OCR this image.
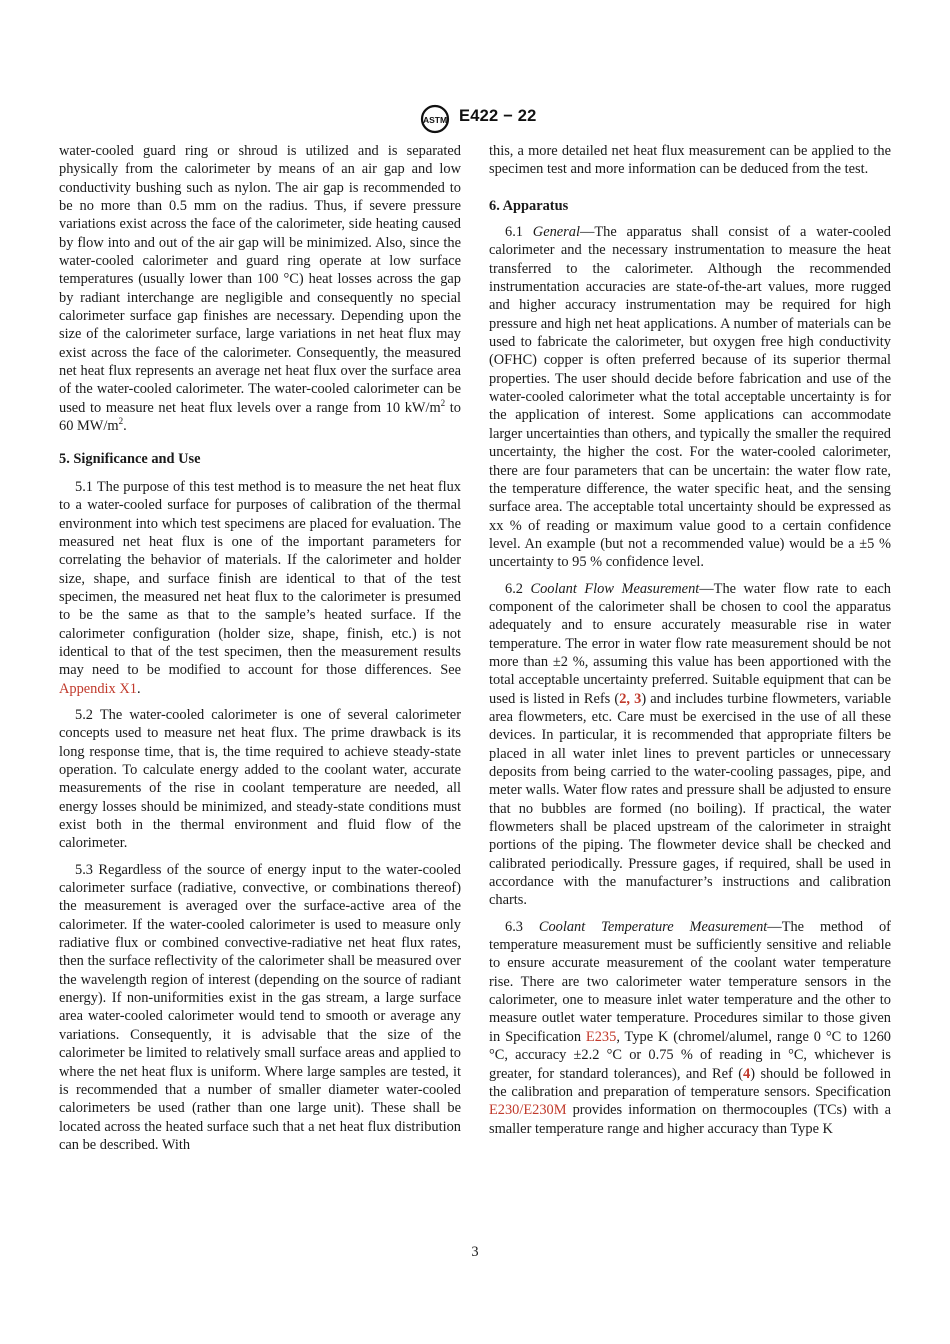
ASTM E422 − 22

water-cooled guard ring or shroud is utilized and is separated physically from the calorimeter by means of an air gap and low conductivity bushing such as nylon. The air gap is recommended to be no more than 0.5 mm on the radius. Thus, if severe pressure variations exist across the face of the calorimeter, side heating caused by flow into and out of the air gap will be minimized. Also, since the water-cooled calorimeter and guard ring operate at low surface temperatures (usually lower than 100 °C) heat losses across the gap by radiant interchange are negligible and consequently no special calorimeter surface gap finishes are necessary. Depending upon the size of the calorimeter surface, large variations in net heat flux may exist across the face of the calorimeter. Consequently, the measured net heat flux represents an average net heat flux over the surface area of the water-cooled calorimeter. The water-cooled calorimeter can be used to measure net heat flux levels over a range from 10 $kW/m^2$ to 60 $MW/m^2$.

5. Significance and Use

5.1 The purpose of this test method is to measure the net heat flux to a water-cooled surface for purposes of calibration of the thermal environment into which test specimens are placed for evaluation. The measured net heat flux is one of the important parameters for correlating the behavior of materials. If the calorimeter and holder size, shape, and surface finish are identical to that of the test specimen, the measured net heat flux to the calorimeter is presumed to be the same as that to the sample’s heated surface. If the calorimeter configuration (holder size, shape, finish, etc.) is not identical to that of the test specimen, then the measurement results may need to be modified to account for those differences. See Appendix X1.

5.2 The water-cooled calorimeter is one of several calorimeter concepts used to measure net heat flux. The prime drawback is its long response time, that is, the time required to achieve steady-state operation. To calculate energy added to the coolant water, accurate measurements of the rise in coolant temperature are needed, all energy losses should be minimized, and steady-state conditions must exist both in the thermal environment and fluid flow of the calorimeter.

5.3 Regardless of the source of energy input to the water-cooled calorimeter surface (radiative, convective, or combinations thereof) the measurement is averaged over the surface-active area of the calorimeter. If the water-cooled calorimeter is used to measure only radiative flux or combined convective-radiative net heat flux rates, then the surface reflectivity of the calorimeter shall be measured over the wavelength region of interest (depending on the source of radiant energy). If non-uniformities exist in the gas stream, a large surface area water-cooled calorimeter would tend to smooth or average any variations. Consequently, it is advisable that the size of the calorimeter be limited to relatively small surface areas and applied to where the net heat flux is uniform. Where large samples are tested, it is recommended that a number of smaller diameter water-cooled calorimeters be used (rather than one large unit). These shall be located across the heated surface such that a net heat flux distribution can be described. With

this, a more detailed net heat flux measurement can be applied to the specimen test and more information can be deduced from the test.

6. Apparatus

6.1 General—The apparatus shall consist of a water-cooled calorimeter and the necessary instrumentation to measure the heat transferred to the calorimeter. Although the recommended instrumentation accuracies are state-of-the-art values, more rugged and higher accuracy instrumentation may be required for high pressure and high net heat applications. A number of materials can be used to fabricate the calorimeter, but oxygen free high conductivity (OFHC) copper is often preferred because of its superior thermal properties. The user should decide before fabrication and use of the water-cooled calorimeter what the total acceptable uncertainty is for the application of interest. Some applications can accommodate larger uncertainties than others, and typically the smaller the required uncertainty, the higher the cost. For the water-cooled calorimeter, there are four parameters that can be uncertain: the water flow rate, the temperature difference, the water specific heat, and the sensing surface area. The acceptable total uncertainty should be expressed as xx % of reading or maximum value good to a certain confidence level. An example (but not a recommended value) would be a ±5 % uncertainty to 95 % confidence level.

6.2 Coolant Flow Measurement—The water flow rate to each component of the calorimeter shall be chosen to cool the apparatus adequately and to ensure accurately measurable rise in water temperature. The error in water flow rate measurement should be not more than ±2 %, assuming this value has been apportioned with the total acceptable uncertainty preferred. Suitable equipment that can be used is listed in Refs (2, 3) and includes turbine flowmeters, variable area flowmeters, etc. Care must be exercised in the use of all these devices. In particular, it is recommended that appropriate filters be placed in all water inlet lines to prevent particles or unnecessary deposits from being carried to the water-cooling passages, pipe, and meter walls. Water flow rates and pressure shall be adjusted to ensure that no bubbles are formed (no boiling). If practical, the water flowmeters shall be placed upstream of the calorimeter in straight portions of the piping. The flowmeter device shall be checked and calibrated periodically. Pressure gages, if required, shall be used in accordance with the manufacturer’s instructions and calibration charts.

6.3 Coolant Temperature Measurement—The method of temperature measurement must be sufficiently sensitive and reliable to ensure accurate measurement of the coolant water temperature rise. There are two calorimeter water temperature sensors in the calorimeter, one to measure inlet water temperature and the other to measure outlet water temperature. Procedures similar to those given in Specification E235, Type K (chromel/alumel, range 0 °C to 1260 °C, accuracy ±2.2 °C or 0.75 % of reading in °C, whichever is greater, for standard tolerances), and Ref (4) should be followed in the calibration and preparation of temperature sensors. Specification E230/E230M provides information on thermocouples (TCs) with a smaller temperature range and higher accuracy than Type K

3
